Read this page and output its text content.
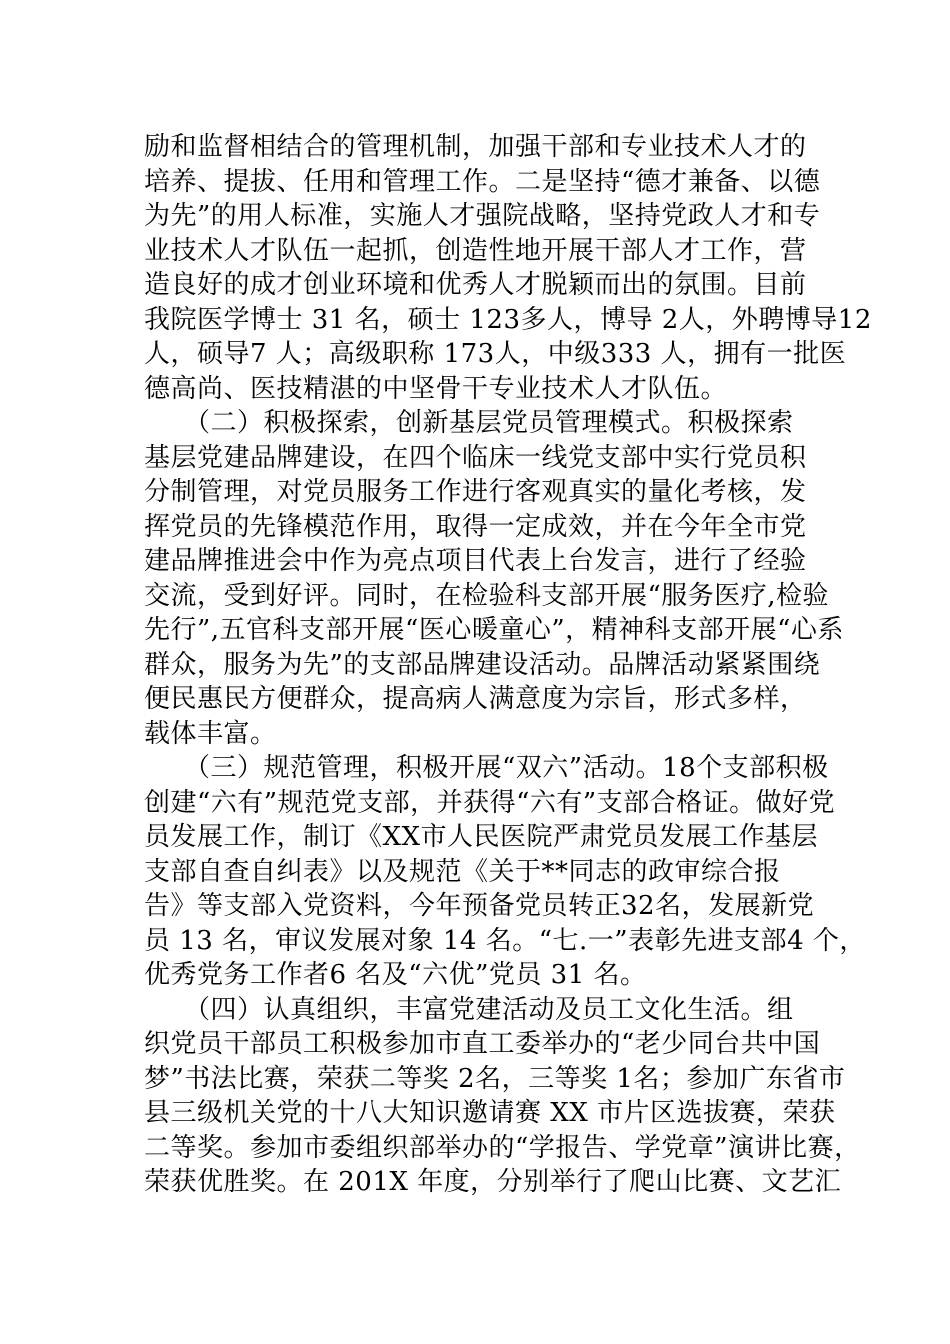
励和监督相结合的管理机制，加强干部和专业技术人才的
培养、提拔、任用和管理工作。二是坚持“德才兼备、以德
为先”的用人标准，实施人才强院战略，坚持党政人才和专
业技术人才队伍一起抓，创造性地开展干部人才工作，营
造良好的成才创业环境和优秀人才脱颖而出的氛围。目前
我院医学博士 31 名，硕士 123多人，博导 2人，外聘博导12
人，硕导7 人；高级职称 173人，中级333 人，拥有一批医
德高尚、医技精湛的中坚骨干专业技术人才队伍。
　　（二）积极探索，创新基层党员管理模式。积极探索
基层党建品牌建设，在四个临床一线党支部中实行党员积
分制管理，对党员服务工作进行客观真实的量化考核，发
挥党员的先锋模范作用，取得一定成效，并在今年全市党
建品牌推进会中作为亮点项目代表上台发言，进行了经验
交流，受到好评。同时，在检验科支部开展“服务医疗,检验
先行”,五官科支部开展“医心暖童心”，精神科支部开展“心系
群众，服务为先”的支部品牌建设活动。品牌活动紧紧围绕
便民惠民方便群众，提高病人满意度为宗旨，形式多样，
载体丰富。
　　（三）规范管理，积极开展“双六”活动。18个支部积极
创建“六有”规范党支部，并获得“六有”支部合格证。做好党
员发展工作，制订《XX市人民医院严肃党员发展工作基层
支部自查自纠表》以及规范《关于**同志的政审综合报
告》等支部入党资料，今年预备党员转正32名，发展新党
员 13 名，审议发展对象 14 名。“七.一”表彰先进支部4 个，
优秀党务工作者6 名及“六优”党员 31 名。
　　（四）认真组织，丰富党建活动及员工文化生活。组
织党员干部员工积极参加市直工委举办的“老少同台共中国
梦”书法比赛，荣获二等奖 2名，三等奖 1名；参加广东省市
县三级机关党的十八大知识邀请赛 XX 市片区选拔赛，荣获
二等奖。参加市委组织部举办的“学报告、学党章”演讲比赛，
荣获优胜奖。在 201X 年度，分别举行了爬山比赛、文艺汇
